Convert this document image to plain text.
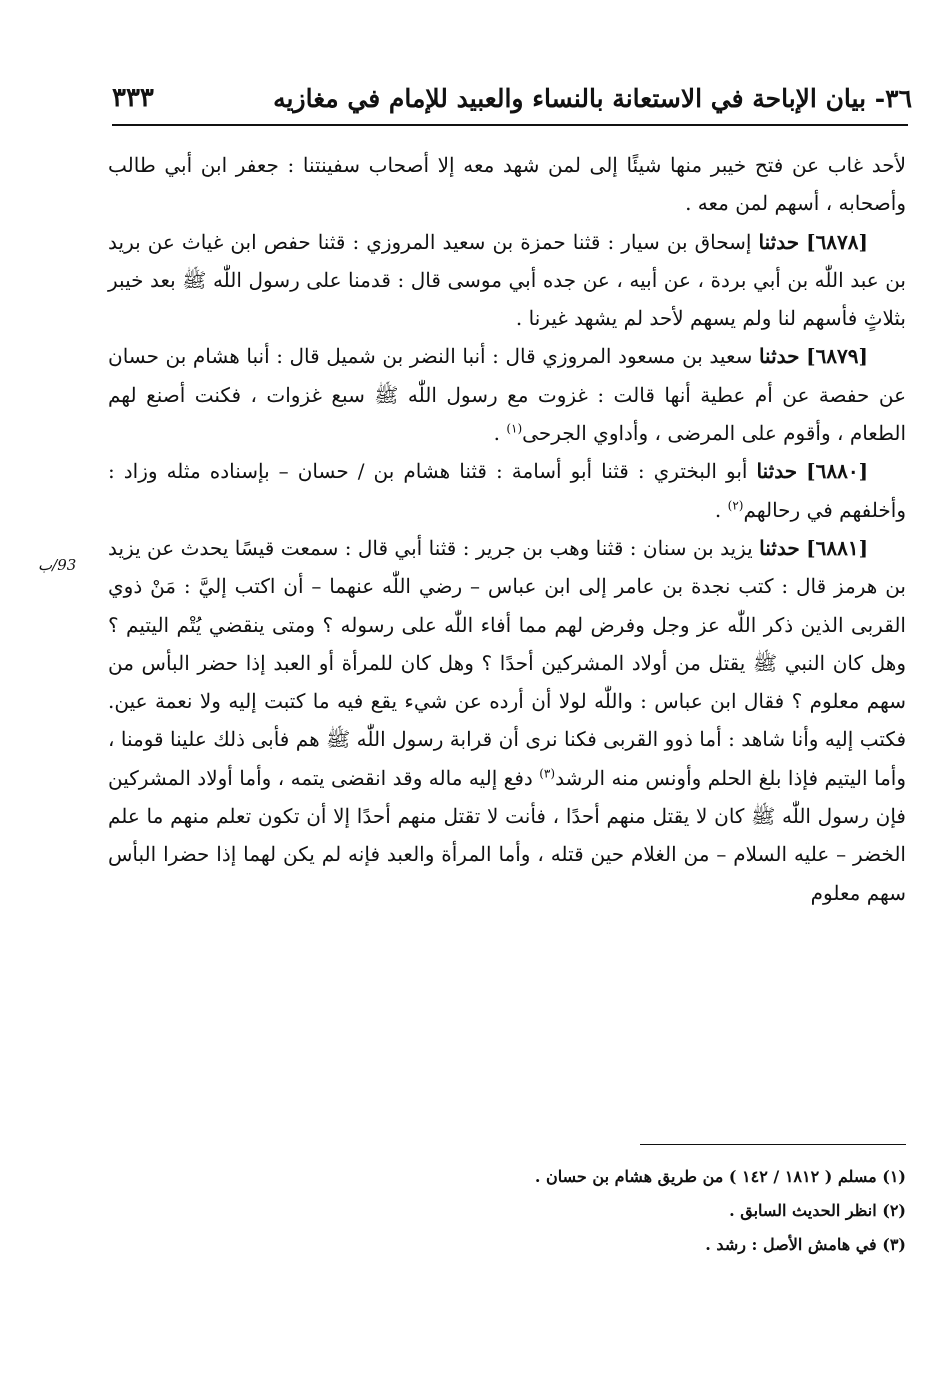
٣٦- بيان الإباحة في الاستعانة بالنساء والعبيد للإمام في مغازيه
٣٣٣
93/ب

لأحد غاب عن فتح خيبر منها شيئًا إلى لمن شهد معه إلا أصحاب سفينتنا : جعفر ابن أبي طالب وأصحابه ، أسهم لمن معه .

[٦٨٧٨] حدثنا إسحاق بن سيار : قثنا حمزة بن سعيد المروزي : قثنا حفص ابن غياث عن بريد بن عبد اللّٰه بن أبي بردة ، عن أبيه ، عن جده أبي موسى قال : قدمنا على رسول اللّٰه ﷺ بعد خيبر بثلاثٍ فأسهم لنا ولم يسهم لأحد لم يشهد غيرنا .

[٦٨٧٩] حدثنا سعيد بن مسعود المروزي قال : أنبا النضر بن شميل قال : أنبا هشام بن حسان عن حفصة عن أم عطية أنها قالت : غزوت مع رسول اللّٰه ﷺ سبع غزوات ، فكنت أصنع لهم الطعام ، وأقوم على المرضى ، وأداوي الجرحى$^{(١)}$ .

[٦٨٨٠] حدثنا أبو البختري : قثنا أبو أسامة : قثنا هشام بن / حسان – بإسناده مثله وزاد : وأخلفهم في رحالهم$^{(٢)}$ .

[٦٨٨١] حدثنا يزيد بن سنان : قثنا وهب بن جرير : قثنا أبي قال : سمعت قيسًا يحدث عن يزيد بن هرمز قال : كتب نجدة بن عامر إلى ابن عباس – رضي اللّٰه عنهما – أن اكتب إليَّ : مَنْ ذوي القربى الذين ذكر اللّٰه عز وجل وفرض لهم مما أفاء اللّٰه على رسوله ؟ ومتى ينقضي يُتْم اليتيم ؟ وهل كان النبي ﷺ يقتل من أولاد المشركين أحدًا ؟ وهل كان للمرأة أو العبد إذا حضر البأس من سهم معلوم ؟ فقال ابن عباس : واللّٰه لولا أن أرده عن شيء يقع فيه ما كتبت إليه ولا نعمة عين. فكتب إليه وأنا شاهد : أما ذوو القربى فكنا نرى أن قرابة رسول اللّٰه ﷺ هم فأبى ذلك علينا قومنا ، وأما اليتيم فإذا بلغ الحلم وأونس منه الرشد$^{(٣)}$ دفع إليه ماله وقد انقضى يتمه ، وأما أولاد المشركين فإن رسول اللّٰه ﷺ كان لا يقتل منهم أحدًا ، فأنت لا تقتل منهم أحدًا إلا أن تكون تعلم منهم ما علم الخضر – عليه السلام – من الغلام حين قتله ، وأما المرأة والعبد فإنه لم يكن لهما إذا حضرا البأس سهم معلوم

(١) مسلم ( ١٨١٢ / ١٤٢ ) من طريق هشام بن حسان .

(٢) انظر الحديث السابق .

(٣) في هامش الأصل : رشد .
